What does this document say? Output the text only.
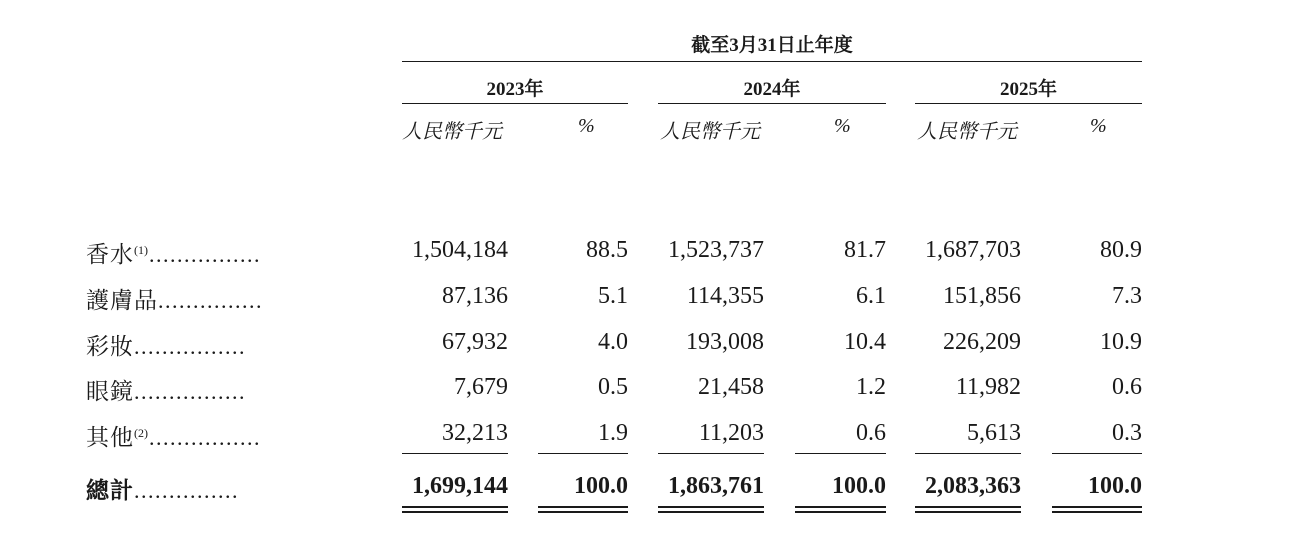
截至3月31日止年度
2023年	2024年	2025年
人民幣千元	%	人民幣千元	%	人民幣千元	%
香水$^{(1)}$................	1,504,184	88.5	1,523,737	81.7	1,687,703	80.9
護膚品...............	87,136	5.1	114,355	6.1	151,856	7.3
彩妝................	67,932	4.0	193,008	10.4	226,209	10.9
眼鏡................	7,679	0.5	21,458	1.2	11,982	0.6
其他$^{(2)}$................	32,213	1.9	11,203	0.6	5,613	0.3
總計...............	1,699,144	100.0	1,863,761	100.0	2,083,363	100.0
